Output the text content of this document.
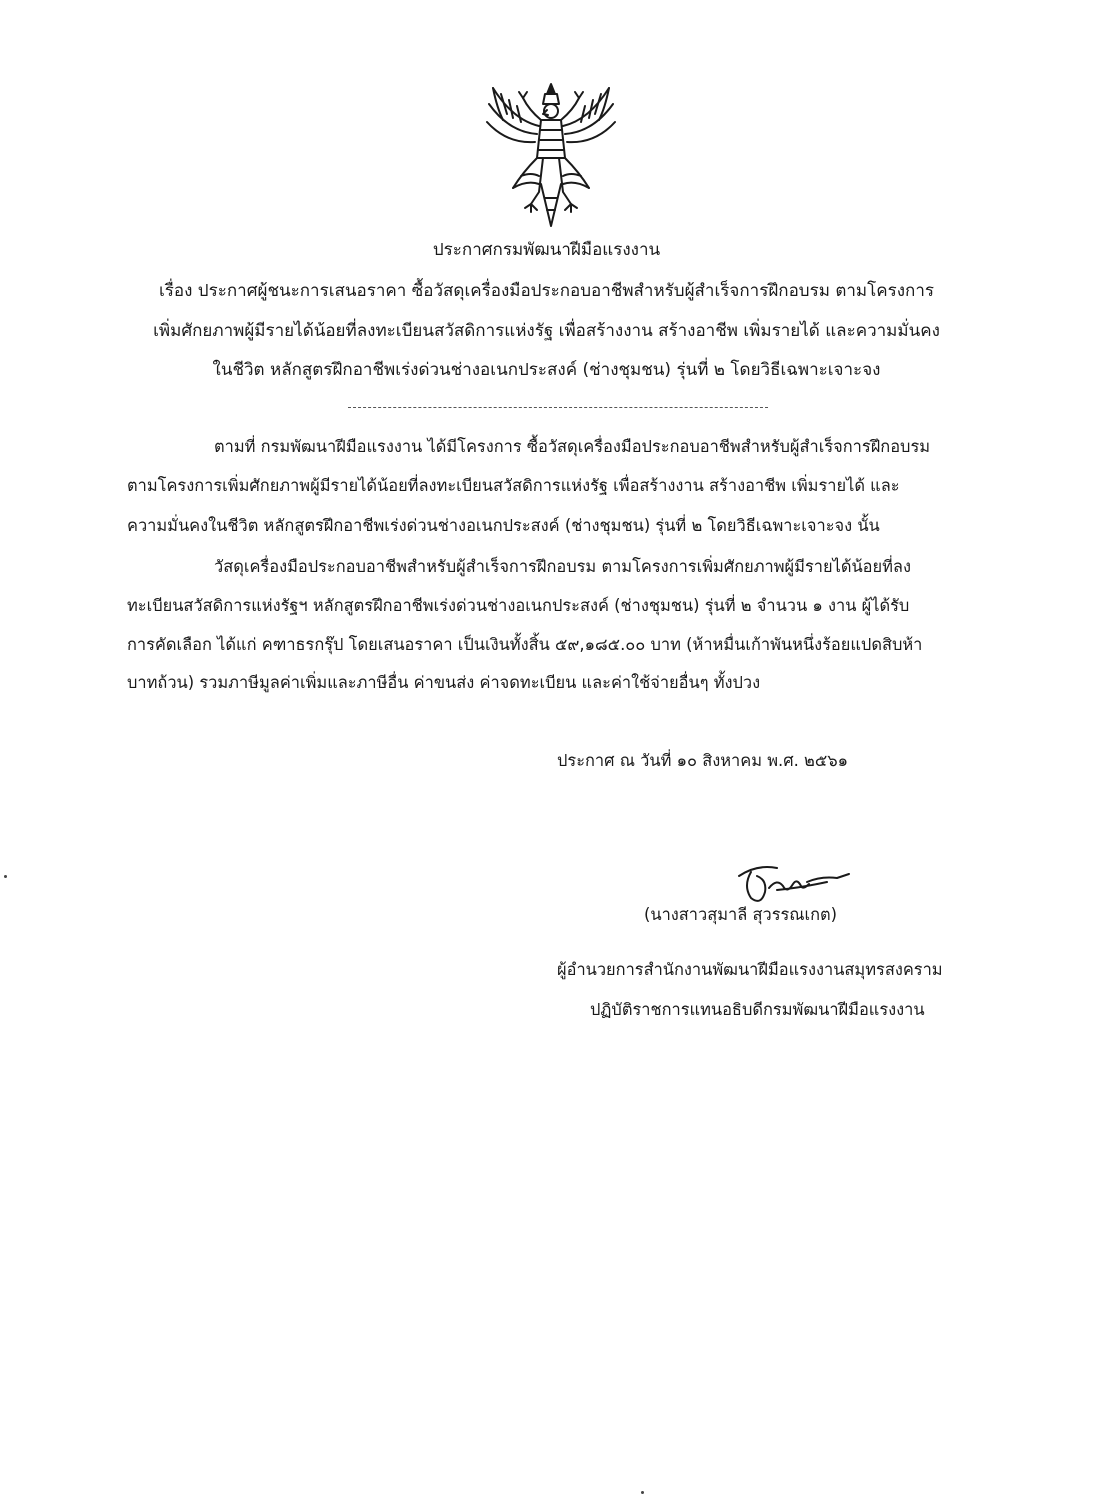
ประกาศกรมพัฒนาฝีมือแรงงาน
เรื่อง ประกาศผู้ชนะการเสนอราคา ซื้อวัสดุเครื่องมือประกอบอาชีพสำหรับผู้สำเร็จการฝึกอบรม ตามโครงการ
เพิ่มศักยภาพผู้มีรายได้น้อยที่ลงทะเบียนสวัสดิการแห่งรัฐ เพื่อสร้างงาน สร้างอาชีพ เพิ่มรายได้ และความมั่นคง
ในชีวิต หลักสูตรฝึกอาชีพเร่งด่วนช่างอเนกประสงค์ (ช่างชุมชน) รุ่นที่ ๒ โดยวิธีเฉพาะเจาะจง
ตามที่ กรมพัฒนาฝีมือแรงงาน ได้มีโครงการ ซื้อวัสดุเครื่องมือประกอบอาชีพสำหรับผู้สำเร็จการฝึกอบรม
ตามโครงการเพิ่มศักยภาพผู้มีรายได้น้อยที่ลงทะเบียนสวัสดิการแห่งรัฐ เพื่อสร้างงาน สร้างอาชีพ เพิ่มรายได้ และ
ความมั่นคงในชีวิต หลักสูตรฝึกอาชีพเร่งด่วนช่างอเนกประสงค์ (ช่างชุมชน) รุ่นที่ ๒ โดยวิธีเฉพาะเจาะจง นั้น
วัสดุเครื่องมือประกอบอาชีพสำหรับผู้สำเร็จการฝึกอบรม ตามโครงการเพิ่มศักยภาพผู้มีรายได้น้อยที่ลง
ทะเบียนสวัสดิการแห่งรัฐฯ หลักสูตรฝึกอาชีพเร่งด่วนช่างอเนกประสงค์ (ช่างชุมชน) รุ่นที่ ๒ จำนวน ๑ งาน ผู้ได้รับ
การคัดเลือก ได้แก่ คฑาธรกรุ๊ป โดยเสนอราคา เป็นเงินทั้งสิ้น ๕๙,๑๘๕.๐๐ บาท (ห้าหมื่นเก้าพันหนึ่งร้อยแปดสิบห้า
บาทถ้วน) รวมภาษีมูลค่าเพิ่มและภาษีอื่น ค่าขนส่ง ค่าจดทะเบียน และค่าใช้จ่ายอื่นๆ ทั้งปวง
ประกาศ ณ วันที่ ๑๐ สิงหาคม พ.ศ. ๒๕๖๑
(นางสาวสุมาลี สุวรรณเกต)
ผู้อำนวยการสำนักงานพัฒนาฝีมือแรงงานสมุทรสงคราม
ปฏิบัติราชการแทนอธิบดีกรมพัฒนาฝีมือแรงงาน
